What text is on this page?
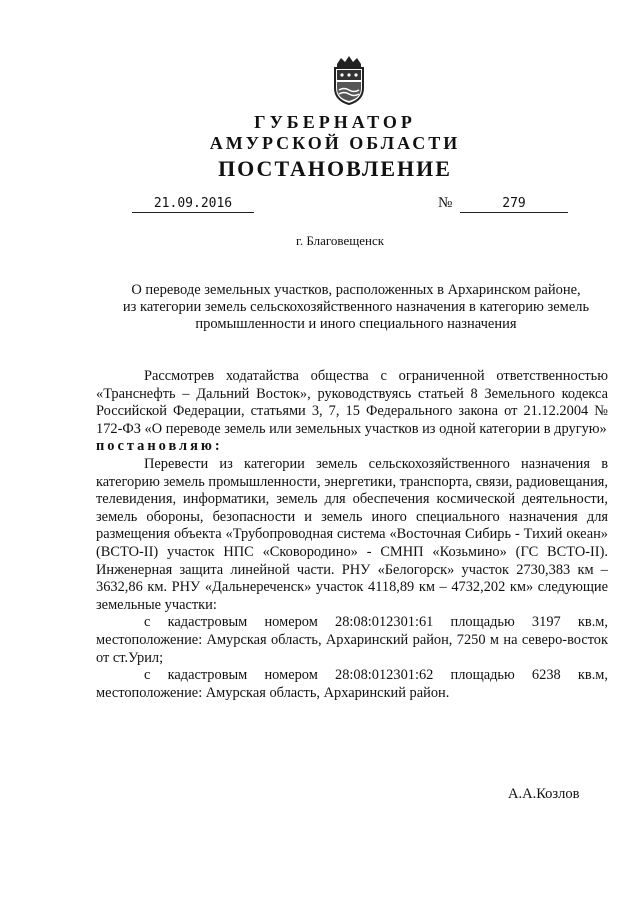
ГУБЕРНАТОР
АМУРСКОЙ ОБЛАСТИ
ПОСТАНОВЛЕНИЕ
21.09.2016	№	279
г. Благовещенск
О переводе земельных участков, расположенных в Архаринском районе,
из категории земель сельскохозяйственного назначения в категорию земель
промышленности и иного специального назначения

Рассмотрев ходатайства общества с ограниченной ответственностью «Транснефть – Дальний Восток», руководствуясь статьей 8 Земельного кодекса Российской Федерации, статьями 3, 7, 15 Федерального закона от 21.12.2004 № 172-ФЗ «О переводе земель или земельных участков из одной категории в другую»

постановляю:

Перевести из категории земель сельскохозяйственного назначения в категорию земель промышленности, энергетики, транспорта, связи, радиовещания, телевидения, информатики, земель для обеспечения космической деятельности, земель обороны, безопасности и земель иного специального назначения для размещения объекта «Трубопроводная система «Восточная Сибирь - Тихий океан» (ВСТО-II) участок НПС «Сковородино» - СМНП «Козьмино» (ГС ВСТО-II). Инженерная защита линейной части. РНУ «Белогорск» участок 2730,383 км – 3632,86 км. РНУ «Дальнереченск» участок 4118,89 км – 4732,202 км» следующие земельные участки:

с кадастровым номером 28:08:012301:61 площадью 3197 кв.м, местоположение: Амурская область, Архаринский район, 7250 м на северо-восток от ст.Урил;

с кадастровым номером 28:08:012301:62 площадью 6238 кв.м, местоположение: Амурская область, Архаринский район.

А.А.Козлов
